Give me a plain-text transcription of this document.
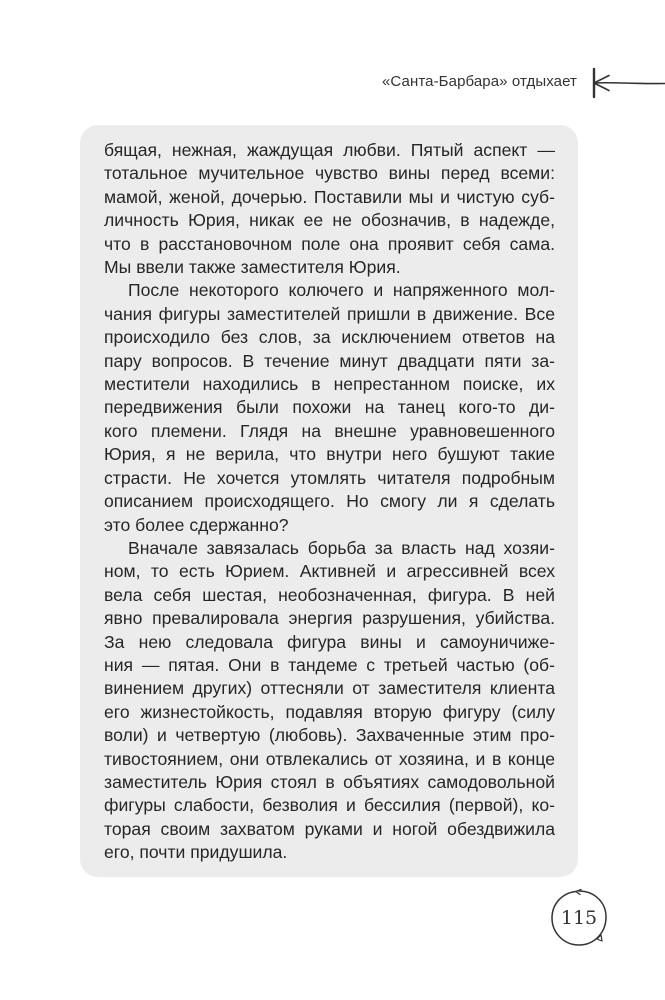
«Санта-Барбара» отдыхает
бящая, нежная, жаждущая любви. Пятый аспект —
тотальное мучительное чувство вины перед всеми:
мамой, женой, дочерью. Поставили мы и чистую суб-
личность Юрия, никак ее не обозначив, в надежде,
что в расстановочном поле она проявит себя сама.
Мы ввели также заместителя Юрия.
После некоторого колючего и напряженного мол-
чания фигуры заместителей пришли в движение. Все
происходило без слов, за исключением ответов на
пару вопросов. В течение минут двадцати пяти за-
местители находились в непрестанном поиске, их
передвижения были похожи на танец кого-то ди-
кого племени. Глядя на внешне уравновешенного
Юрия, я не верила, что внутри него бушуют такие
страсти. Не хочется утомлять читателя подробным
описанием происходящего. Но смогу ли я сделать
это более сдержанно?
Вначале завязалась борьба за власть над хозяи-
ном, то есть Юрием. Активней и агрессивней всех
вела себя шестая, необозначенная, фигура. В ней
явно превалировала энергия разрушения, убийства.
За нею следовала фигура вины и самоуничиже-
ния — пятая. Они в тандеме с третьей частью (об-
винением других) оттесняли от заместителя клиента
его жизнестойкость, подавляя вторую фигуру (силу
воли) и четвертую (любовь). Захваченные этим про-
тивостоянием, они отвлекались от хозяина, и в конце
заместитель Юрия стоял в объятиях самодовольной
фигуры слабости, безволия и бессилия (первой), ко-
торая своим захватом руками и ногой обездвижила
его, почти придушила.
115
